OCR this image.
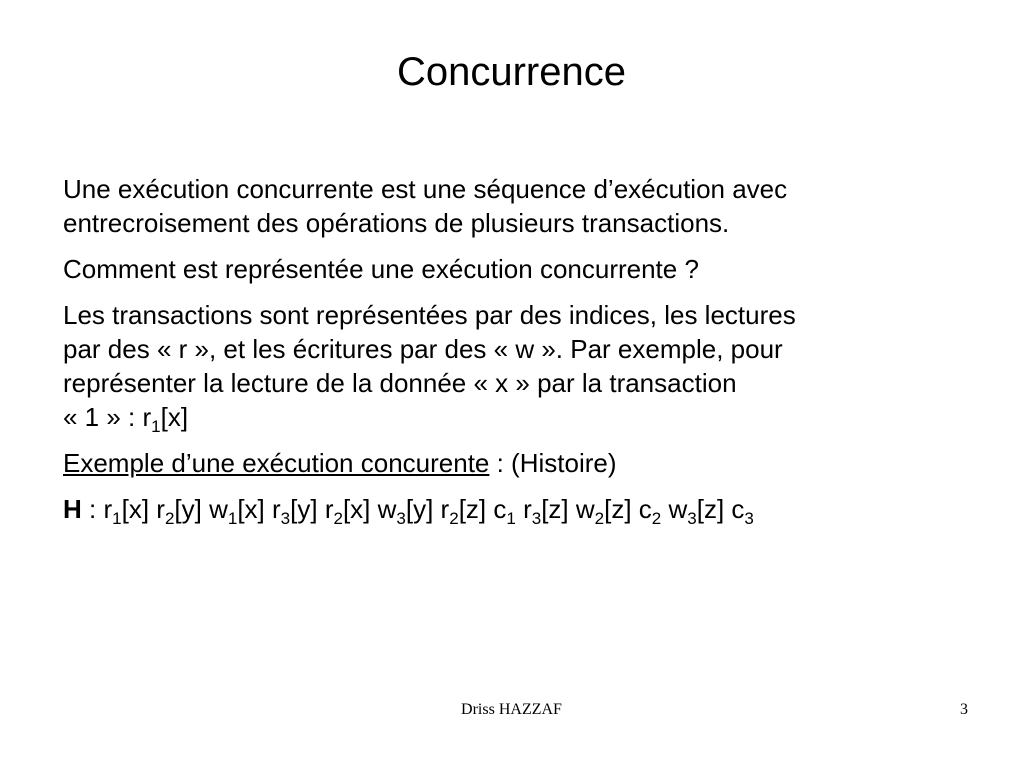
Concurrence

Une exécution concurrente est une séquence d’exécution avec
entrecroisement des opérations de plusieurs transactions.

Comment est représentée une exécution concurrente ?

Les transactions sont représentées par des indices, les lectures
par des « r », et les écritures par des « w ». Par exemple, pour
représenter la lecture de la donnée « x » par la transaction
« 1 » : $r_1[x]$

Exemple d’une exécution concurente : (Histoire)

H : $r_1[x]$ $r_2[y]$ $w_1[x]$ $r_3[y]$ $r_2[x]$ $w_3[y]$ $r_2[z]$ $c_1$ $r_3[z]$ $w_2[z]$ $c_2$ $w_3[z]$ $c_3$

Driss HAZZAF	3
